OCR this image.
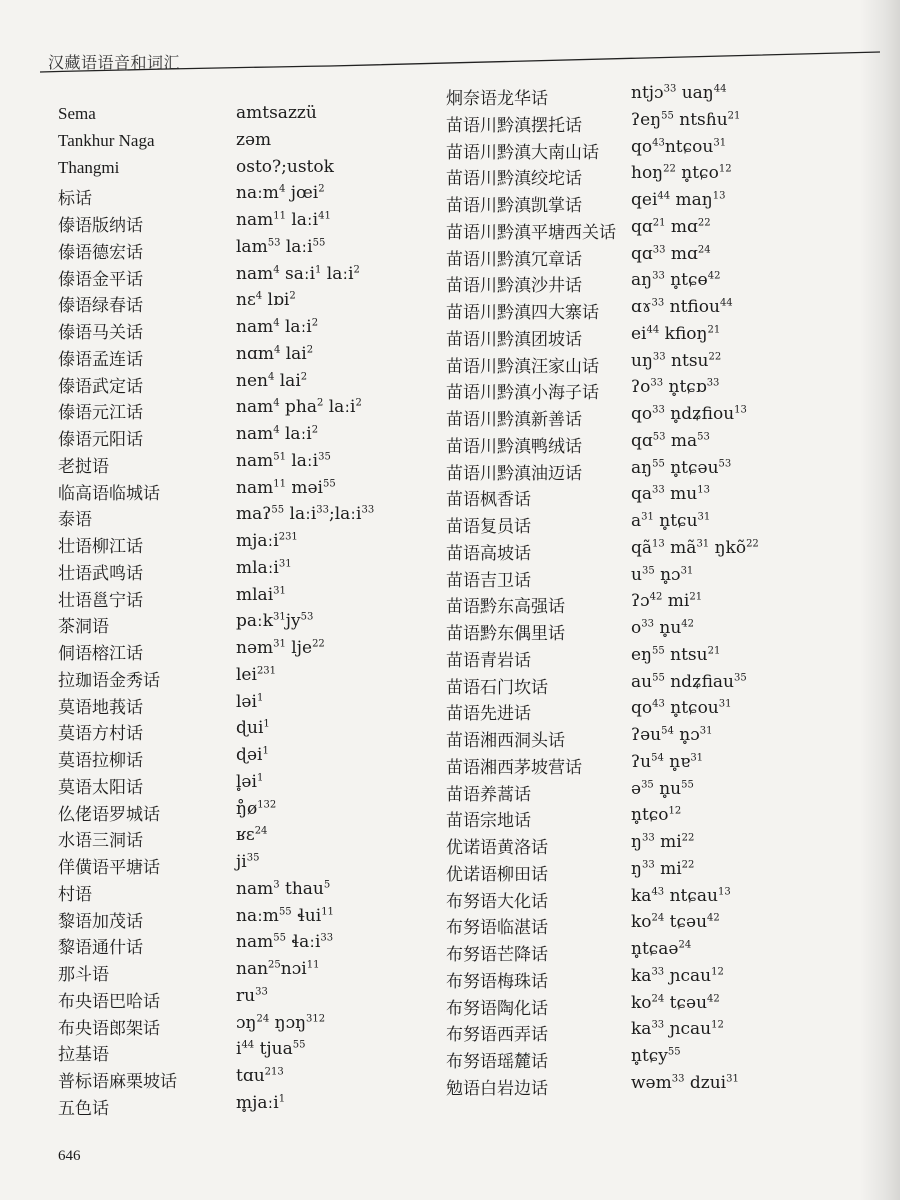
汉藏语语音和词汇
Sema	amtsazzü
Tankhur Naga	zəm
Thangmi	osto?;ustok
标话	naːm$^4$ jœi$^2$
傣语版纳话	nam$^{11}$ laːi$^{41}$
傣语德宏话	lam$^{53}$ laːi$^{55}$
傣语金平话	nam$^4$ saːi$^1$ laːi$^2$
傣语绿春话	nɛ$^4$ lɒi$^2$
傣语马关话	nam$^4$ laːi$^2$
傣语孟连话	nɑm$^4$ lai$^2$
傣语武定话	nen$^4$ lai$^2$
傣语元江话	nam$^4$ pha$^2$ laːi$^2$
傣语元阳话	nam$^4$ laːi$^2$
老挝语	nam$^{51}$ laːi$^{35}$
临高语临城话	nam$^{11}$ məi$^{55}$
泰语	maʔ$^{55}$ laːi$^{33}$;laːi$^{33}$
壮语柳江话	mjaːi$^{231}$
壮语武鸣话	mlaːi$^{31}$
壮语邕宁话	mlai$^{31}$
茶洞语	$paːk^{31}jy^{53}$
侗语榕江话	nəm$^{31}$ lje$^{22}$
拉珈语金秀话	lei$^{231}$
莫语地莪话	ləi$^1$
莫语方村话	ɖui$^1$
莫语拉柳话	ɖəi$^1$
莫语太阳话	l̥əi$^1$
仫佬语罗城话	$ŋ̊ø^{132}$
水语三洞话	ʁɛ$^{24}$
佯僙语平塘话	$ji^{35}$
村语	nam$^3$ thau$^5$
黎语加茂话	naːm$^{55}$ ɬui$^{11}$
黎语通什话	nam$^{55}$ ɬaːi$^{33}$
那斗语	nan$^{25}$nɔi$^{11}$
布央语巴哈话	$ru^{33}$
布央语郎架话	ɔŋ$^{24}$ ŋɔŋ$^{312}$
拉基语	$i^{44}$ tjua$^{55}$
普标语麻栗坡话	tɑu$^{213}$
五色话	m̥jaːi$^1$
炯奈语龙华话	ntjɔ$^{33}$ uaŋ$^{44}$
苗语川黔滇摆托话	ʔeŋ$^{55}$ ntsɦu$^{21}$
苗语川黔滇大南山话 $qo^{43}ntɕou^{31}$
苗语川黔滇绞坨话	hoŋ$^{22}$ n̥tɕo$^{12}$
苗语川黔滇凯掌话	qei$^{44}$ maŋ$^{13}$
苗语川黔滇平塘西关话 qɑ$^{21}$ mɑ$^{22}$
苗语川黔滇冗章话	qɑ$^{33}$ mɑ$^{24}$
苗语川黔滇沙井话	$aŋ^{33}$ n̥tɕɵ$^{42}$
苗语川黔滇四大寨话 ɑɤ$^{33}$ ntfiou$^{44}$
苗语川黔滇团坡话	$ei^{44}$ kfioŋ$^{21}$
苗语川黔滇汪家山话 $uŋ^{33}$ ntsu$^{22}$
苗语川黔滇小海子话 ʔo$^{33}$ n̥tɕɒ$^{33}$
苗语川黔滇新善话	$qo^{33}$ n̥dʑfiou$^{13}$
苗语川黔滇鸭绒话	qɑ$^{53}$ $ma^{53}$
苗语川黔滇油迈话	$aŋ^{55}$ n̥tɕəu$^{53}$
苗语枫香话	$qa^{33}$ $mu^{13}$
苗语复员话	$a^{31}$ n̥tɕu$^{31}$
苗语高坡话	$qã^{13}$ $mã^{31}$ ŋkõ$^{22}$
苗语吉卫话	$u^{35}$ n̥ɔ$^{31}$
苗语黔东高强话	ʔɔ$^{42}$ $mi^{21}$
苗语黔东偶里话	$o^{33}$ $n̥u^{42}$
苗语青岩话	$eŋ^{55}$ ntsu$^{21}$
苗语石门坎话	$au^{55}$ ndʑfiau$^{35}$
苗语先进话	$qo^{43}$ n̥tɕou$^{31}$
苗语湘西洞头话	ʔəu$^{54}$ n̥ɔ$^{31}$
苗语湘西茅坡营话	ʔu$^{54}$ n̥ɐ$^{31}$
苗语养蒿话	ə$^{35}$ $n̥u^{55}$
苗语宗地话	n̥tɕo$^{12}$
优诺语黄洛话	$ŋ^{33}$ $mi^{22}$
优诺语柳田话	$ŋ^{33}$ $mi^{22}$
布努语大化话	$ka^{43}$ ntɕau$^{13}$
布努语临湛话	$ko^{24}$ tɕəu$^{42}$
布努语芒降话	n̥tɕaə$^{24}$
布努语梅珠话	$ka^{33}$ ɲcau$^{12}$
布努语陶化话	$ko^{24}$ tɕəu$^{42}$
布努语西弄话	$ka^{33}$ ɲcau$^{12}$
布努语瑶麓话	n̥tɕy$^{55}$
勉语白岩边话	wəm$^{33}$ dzui$^{31}$
646
